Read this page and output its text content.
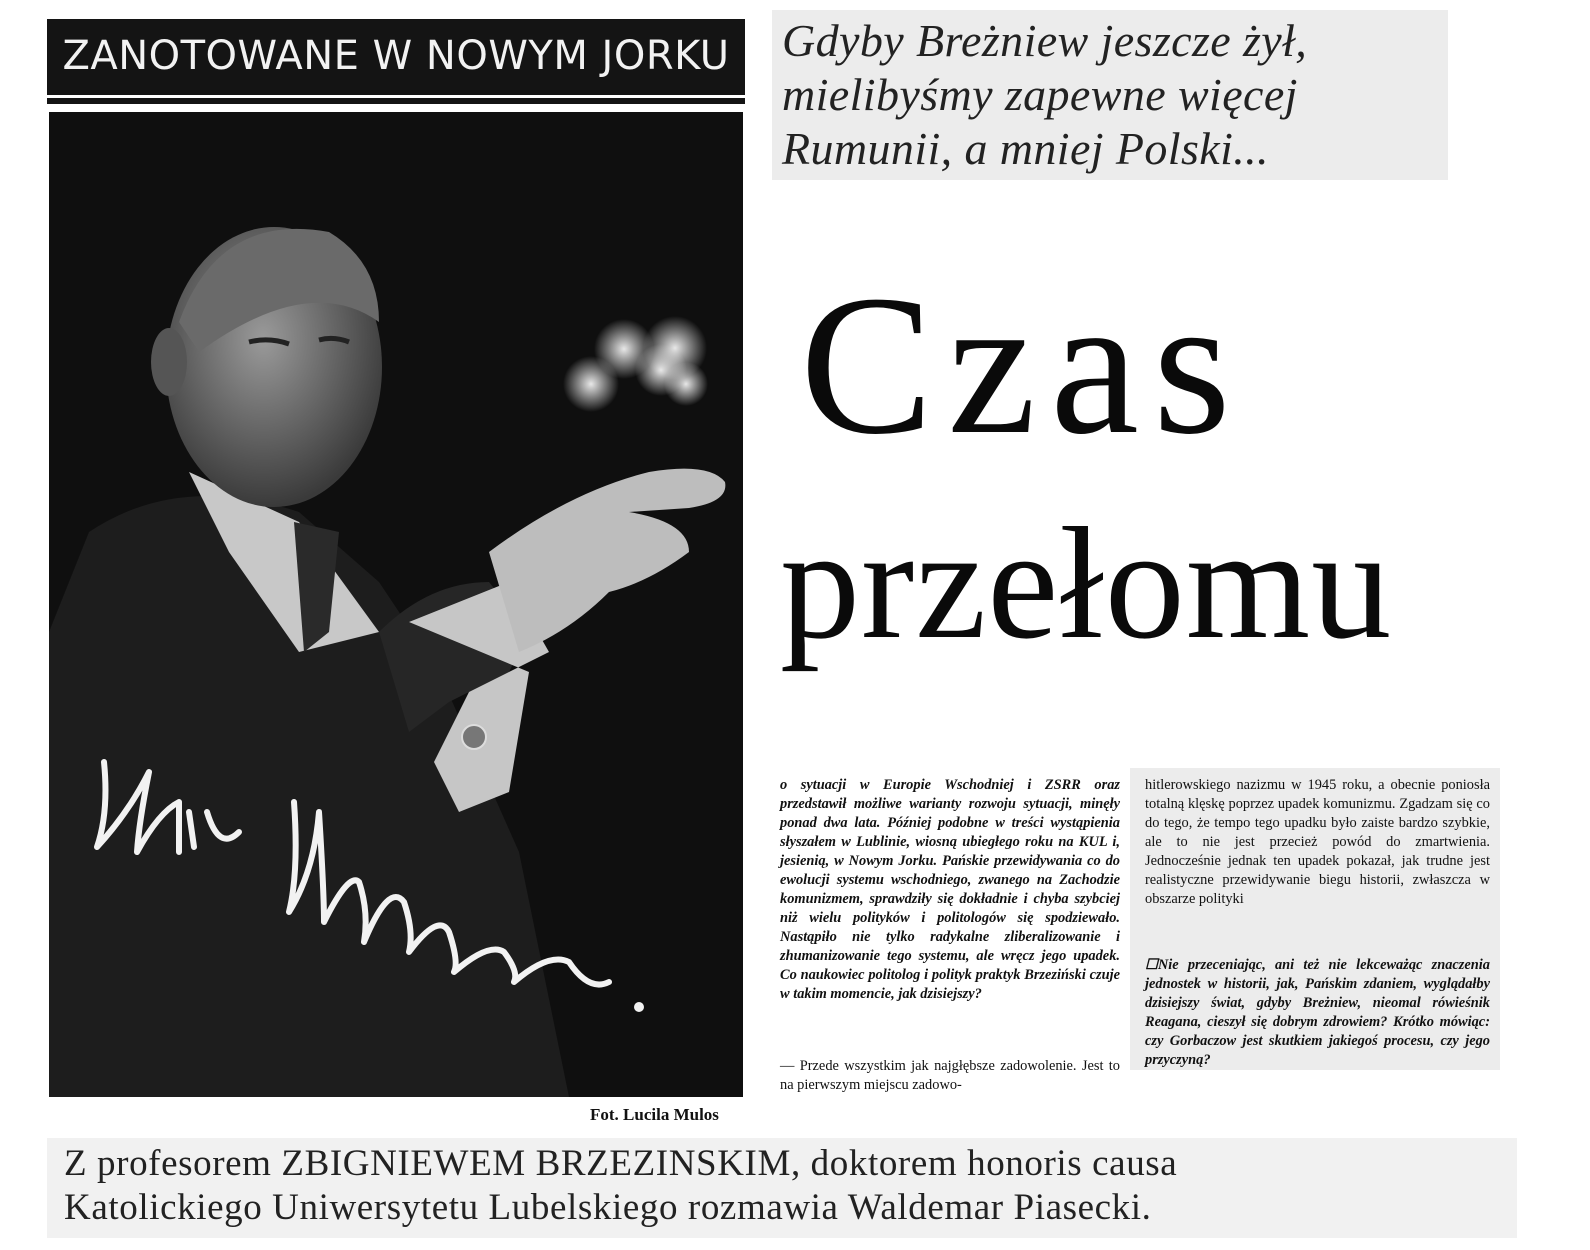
ZANOTOWANE W NOWYM JORKU
Fot. Lucila Mulos
Gdyby Breżniew jeszcze żył,
mielibyśmy zapewne więcej
Rumunii, a mniej Polski...
Czas
przełomu

o sytuacji w Europie Wschodniej i ZSRR oraz przedstawił możliwe warianty rozwoju sytuacji, minęły ponad dwa lata. Później podobne w treści wystąpienia słyszałem w Lublinie, wiosną ubiegłego roku na KUL i, jesienią, w Nowym Jorku. Pańskie przewidywania co do ewolucji systemu wschodniego, zwanego na Zachodzie komunizmem, sprawdziły się dokładnie i chyba szybciej niż wielu polityków i politologów się spodziewało. Nastąpiło nie tylko radykalne zliberalizowanie i zhumanizowanie tego systemu, ale wręcz jego upadek. Co naukowiec politolog i polityk praktyk Brzeziński czuje w takim momencie, jak dzisiejszy?

— Przede wszystkim jak najgłębsze zadowolenie. Jest to na pierwszym miejscu zadowo-

hitlerowskiego nazizmu w 1945 roku, a obecnie poniosła totalną klęskę poprzez upadek komunizmu. Zgadzam się co do tego, że tempo tego upadku było zaiste bardzo szybkie, ale to nie jest przecież powód do zmartwienia. Jednocześnie jednak ten upadek pokazał, jak trudne jest realistyczne przewidywanie biegu historii, zwłaszcza w obszarze polityki

☐Nie przeceniając, ani też nie lekceważąc znaczenia jednostek w historii, jak, Pańskim zdaniem, wyglądałby dzisiejszy świat, gdyby Breżniew, nieomal rówieśnik Reagana, cieszył się dobrym zdrowiem? Krótko mówiąc: czy Gorbaczow jest skutkiem jakiegoś procesu, czy jego przyczyną?

Z profesorem ZBIGNIEWEM BRZEZINSKIM, doktorem honoris causa
Katolickiego Uniwersytetu Lubelskiego rozmawia Waldemar Piasecki.
